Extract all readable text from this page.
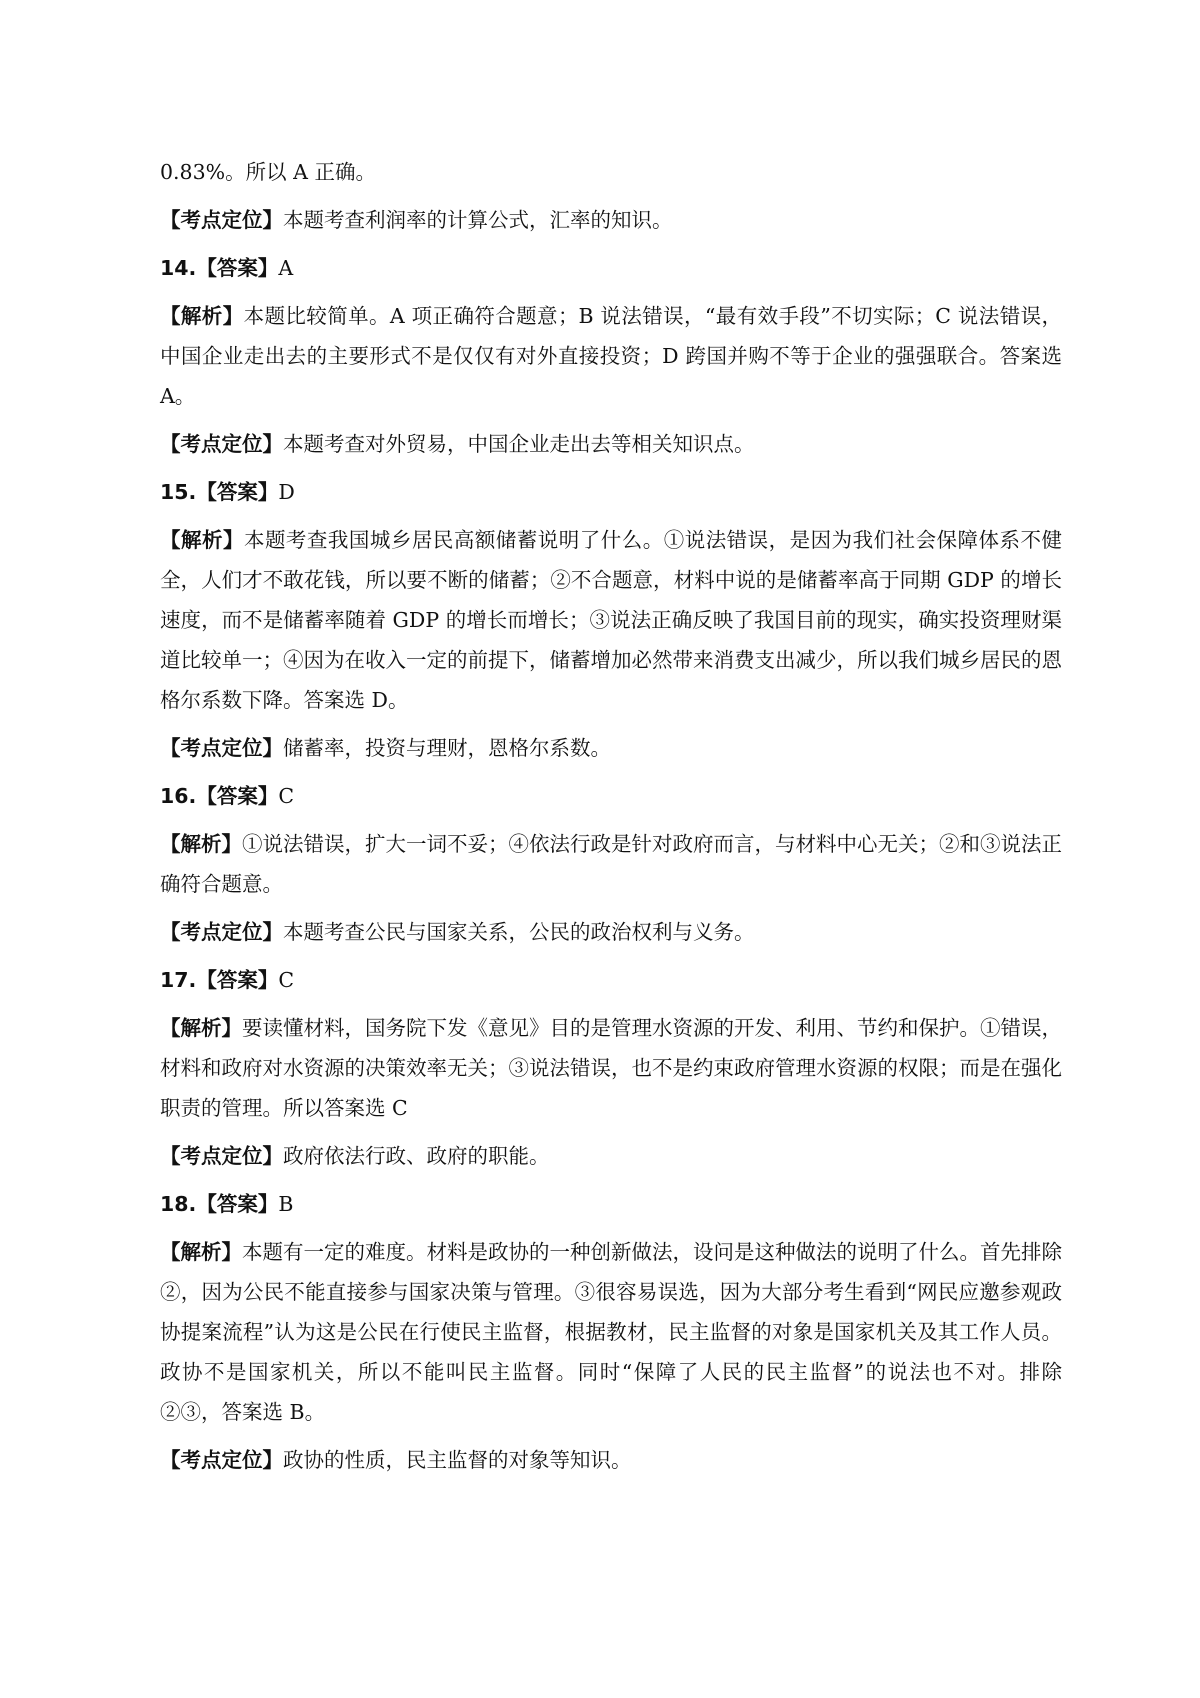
0.83%。所以 A 正确。

【考点定位】本题考查利润率的计算公式，汇率的知识。

14.【答案】A

【解析】本题比较简单。A 项正确符合题意；B 说法错误，“最有效手段”不切实际；C 说法错误，中国企业走出去的主要形式不是仅仅有对外直接投资；D 跨国并购不等于企业的强强联合。答案选 A。

【考点定位】本题考查对外贸易，中国企业走出去等相关知识点。

15.【答案】D

【解析】本题考查我国城乡居民高额储蓄说明了什么。①说法错误，是因为我们社会保障体系不健全，人们才不敢花钱，所以要不断的储蓄；②不合题意，材料中说的是储蓄率高于同期 GDP 的增长速度，而不是储蓄率随着 GDP 的增长而增长；③说法正确反映了我国目前的现实，确实投资理财渠道比较单一；④因为在收入一定的前提下，储蓄增加必然带来消费支出减少，所以我们城乡居民的恩格尔系数下降。答案选 D。

【考点定位】储蓄率，投资与理财，恩格尔系数。

16.【答案】C

【解析】①说法错误，扩大一词不妥；④依法行政是针对政府而言，与材料中心无关；②和③说法正确符合题意。

【考点定位】本题考查公民与国家关系，公民的政治权利与义务。

17.【答案】C

【解析】要读懂材料，国务院下发《意见》目的是管理水资源的开发、利用、节约和保护。①错误，材料和政府对水资源的决策效率无关；③说法错误，也不是约束政府管理水资源的权限；而是在强化职责的管理。所以答案选 C

【考点定位】政府依法行政、政府的职能。

18.【答案】B

【解析】本题有一定的难度。材料是政协的一种创新做法，设问是这种做法的说明了什么。首先排除②，因为公民不能直接参与国家决策与管理。③很容易误选，因为大部分考生看到“网民应邀参观政协提案流程”认为这是公民在行使民主监督，根据教材，民主监督的对象是国家机关及其工作人员。政协不是国家机关，所以不能叫民主监督。同时“保障了人民的民主监督”的说法也不对。排除②③，答案选 B。

【考点定位】政协的性质，民主监督的对象等知识。
